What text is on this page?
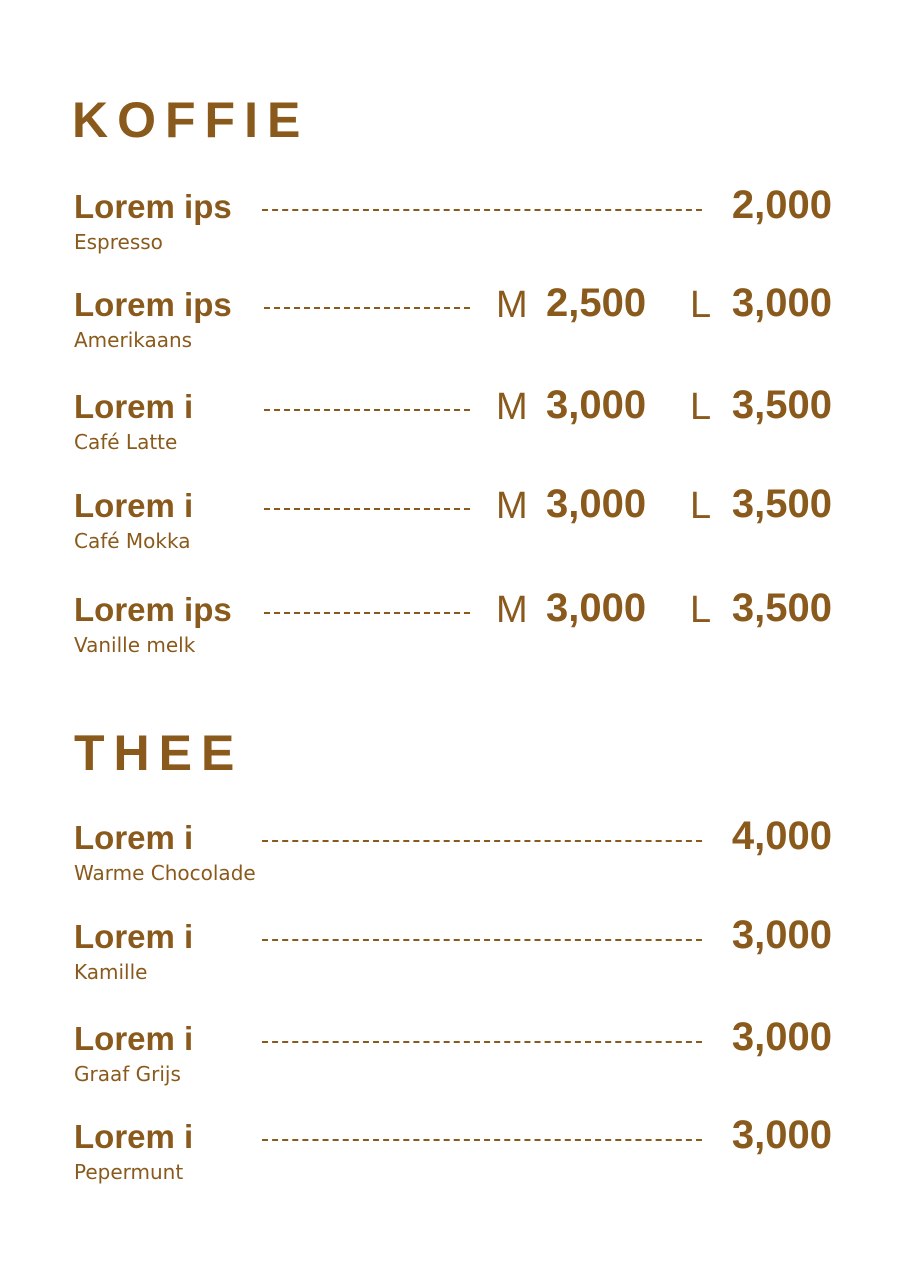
KOFFIE
Lorem ips	2,000
Espresso
Lorem ips	M 2,500 L 3,000
Amerikaans
Lorem i	M 3,000 L 3,500
Café Latte
Lorem i	M 3,000 L 3,500
Café Mokka
Lorem ips	M 3,000 L 3,500
Vanille melk
THEE
Lorem i	4,000
Warme Chocolade
Lorem i	3,000
Kamille
Lorem i	3,000
Graaf Grijs
Lorem i	3,000
Pepermunt
